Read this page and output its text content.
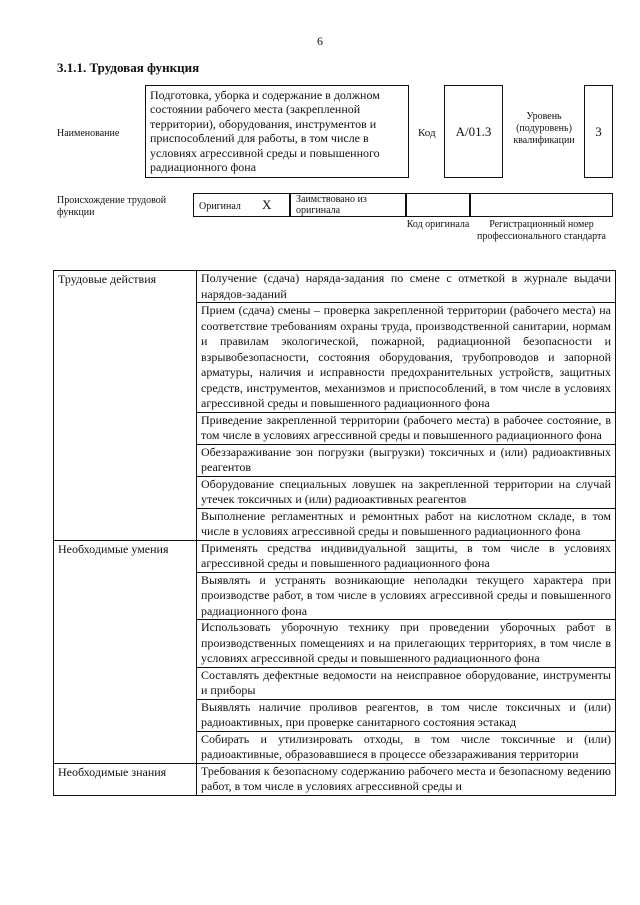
6
3.1.1. Трудовая функция
Наименование
Подготовка, уборка и содержание в должном состоянии рабочего места (закрепленной территории), оборудования, инструментов и приспособлений для работы, в том числе в условиях агрессивной среды и повышенного радиационного фона
Код	A/01.3
Уровень (подуровень) квалификации
3
Происхождение трудовой функции	Оригинал X Заимствовано из оригинала
Код оригинала	Регистрационный номер профессионального стандарта
Трудовые действия	Получение (сдача) наряда-задания по смене с отметкой в журнале выдачи нарядов-заданий
	Прием (сдача) смены – проверка закрепленной территории (рабочего места) на соответствие требованиям охраны труда, производственной санитарии, нормам и правилам экологической, пожарной, радиационной безопасности и взрывобезопасности, состояния оборудования, трубопроводов и запорной арматуры, наличия и исправности предохранительных устройств, защитных средств, инструментов, механизмов и приспособлений, в том числе в условиях агрессивной среды и повышенного радиационного фона
	Приведение закрепленной территории (рабочего места) в рабочее состояние, в том числе в условиях агрессивной среды и повышенного радиационного фона
	Обеззараживание зон погрузки (выгрузки) токсичных и (или) радиоактивных реагентов
	Оборудование специальных ловушек на закрепленной территории на случай утечек токсичных и (или) радиоактивных реагентов
	Выполнение регламентных и ремонтных работ на кислотном складе, в том числе в условиях агрессивной среды и повышенного радиационного фона
Необходимые умения	Применять средства индивидуальной защиты, в том числе в условиях агрессивной среды и повышенного радиационного фона
	Выявлять и устранять возникающие неполадки текущего характера при производстве работ, в том числе в условиях агрессивной среды и повышенного радиационного фона
	Использовать уборочную технику при проведении уборочных работ в производственных помещениях и на прилегающих территориях, в том числе в условиях агрессивной среды и повышенного радиационного фона
	Составлять дефектные ведомости на неисправное оборудование, инструменты и приборы
	Выявлять наличие проливов реагентов, в том числе токсичных и (или) радиоактивных, при проверке санитарного состояния эстакад
	Собирать и утилизировать отходы, в том числе токсичные и (или) радиоактивные, образовавшиеся в процессе обеззараживания территории
Необходимые знания	Требования к безопасному содержанию рабочего места и безопасному ведению работ, в том числе в условиях агрессивной среды и
